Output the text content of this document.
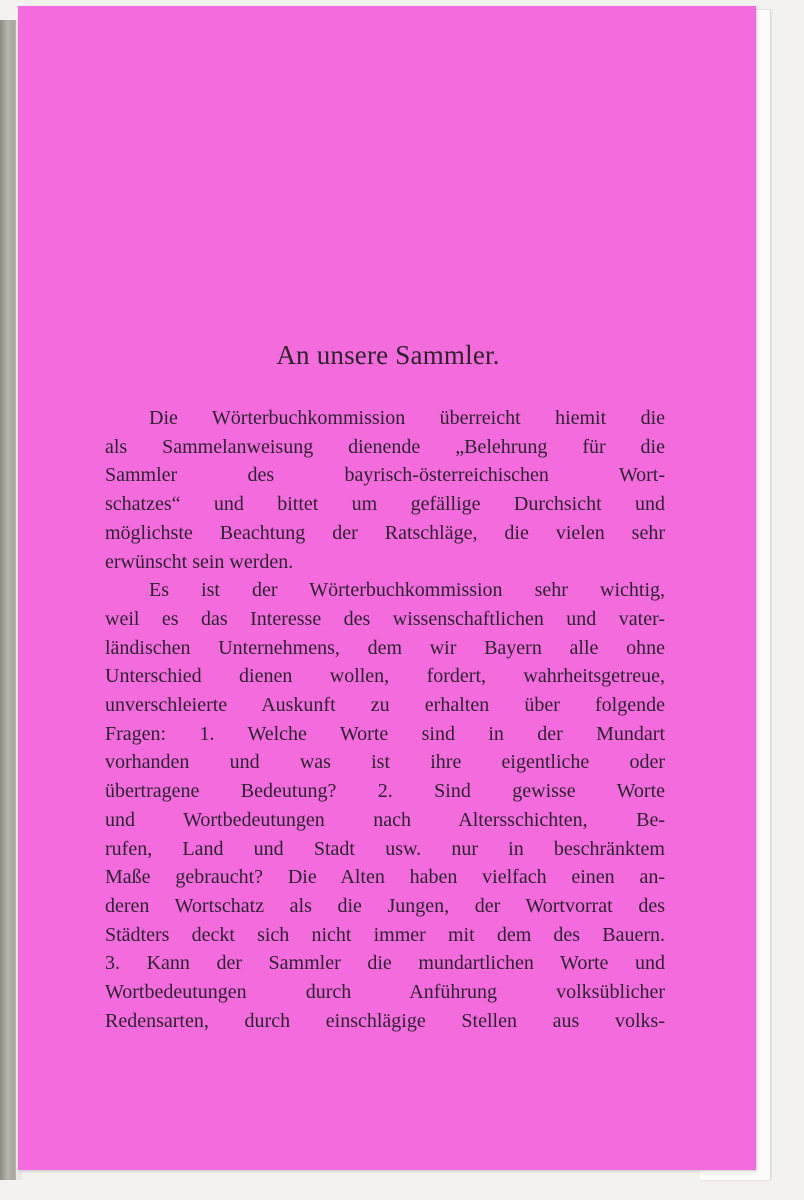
An unsere Sammler.
Die Wörterbuchkommission überreicht hiemit die
als Sammelanweisung dienende „Belehrung für die
Sammler des bayrisch-österreichischen Wort-
schatzes“ und bittet um gefällige Durchsicht und
möglichste Beachtung der Ratschläge, die vielen sehr
erwünscht sein werden.
Es ist der Wörterbuchkommission sehr wichtig,
weil es das Interesse des wissenschaftlichen und vater-
ländischen Unternehmens, dem wir Bayern alle ohne
Unterschied dienen wollen, fordert, wahrheitsgetreue,
unverschleierte Auskunft zu erhalten über folgende
Fragen: 1. Welche Worte sind in der Mundart
vorhanden und was ist ihre eigentliche oder
übertragene Bedeutung? 2. Sind gewisse Worte
und Wortbedeutungen nach Altersschichten, Be-
rufen, Land und Stadt usw. nur in beschränktem
Maße gebraucht? Die Alten haben vielfach einen an-
deren Wortschatz als die Jungen, der Wortvorrat des
Städters deckt sich nicht immer mit dem des Bauern.
3. Kann der Sammler die mundartlichen Worte und
Wortbedeutungen durch Anführung volksüblicher
Redensarten, durch einschlägige Stellen aus volks-
